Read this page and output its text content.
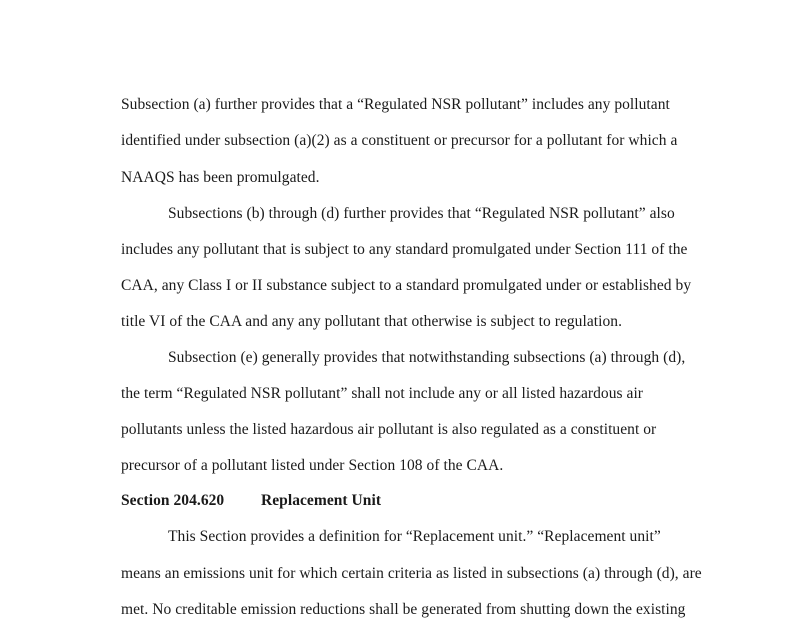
Subsection (a) further provides that a “Regulated NSR pollutant” includes any pollutant
identified under subsection (a)(2) as a constituent or precursor for a pollutant for which a
NAAQS has been promulgated.
Subsections (b) through (d) further provides that “Regulated NSR pollutant” also
includes any pollutant that is subject to any standard promulgated under Section 111 of the
CAA, any Class I or II substance subject to a standard promulgated under or established by
title VI of the CAA and any any pollutant that otherwise is subject to regulation.
Subsection (e) generally provides that notwithstanding subsections (a) through (d),
the term “Regulated NSR pollutant” shall not include any or all listed hazardous air
pollutants unless the listed hazardous air pollutant is also regulated as a constituent or
precursor of a pollutant listed under Section 108 of the CAA.
Section 204.620 Replacement Unit
This Section provides a definition for “Replacement unit.” “Replacement unit”
means an emissions unit for which certain criteria as listed in subsections (a) through (d), are
met. No creditable emission reductions shall be generated from shutting down the existing
